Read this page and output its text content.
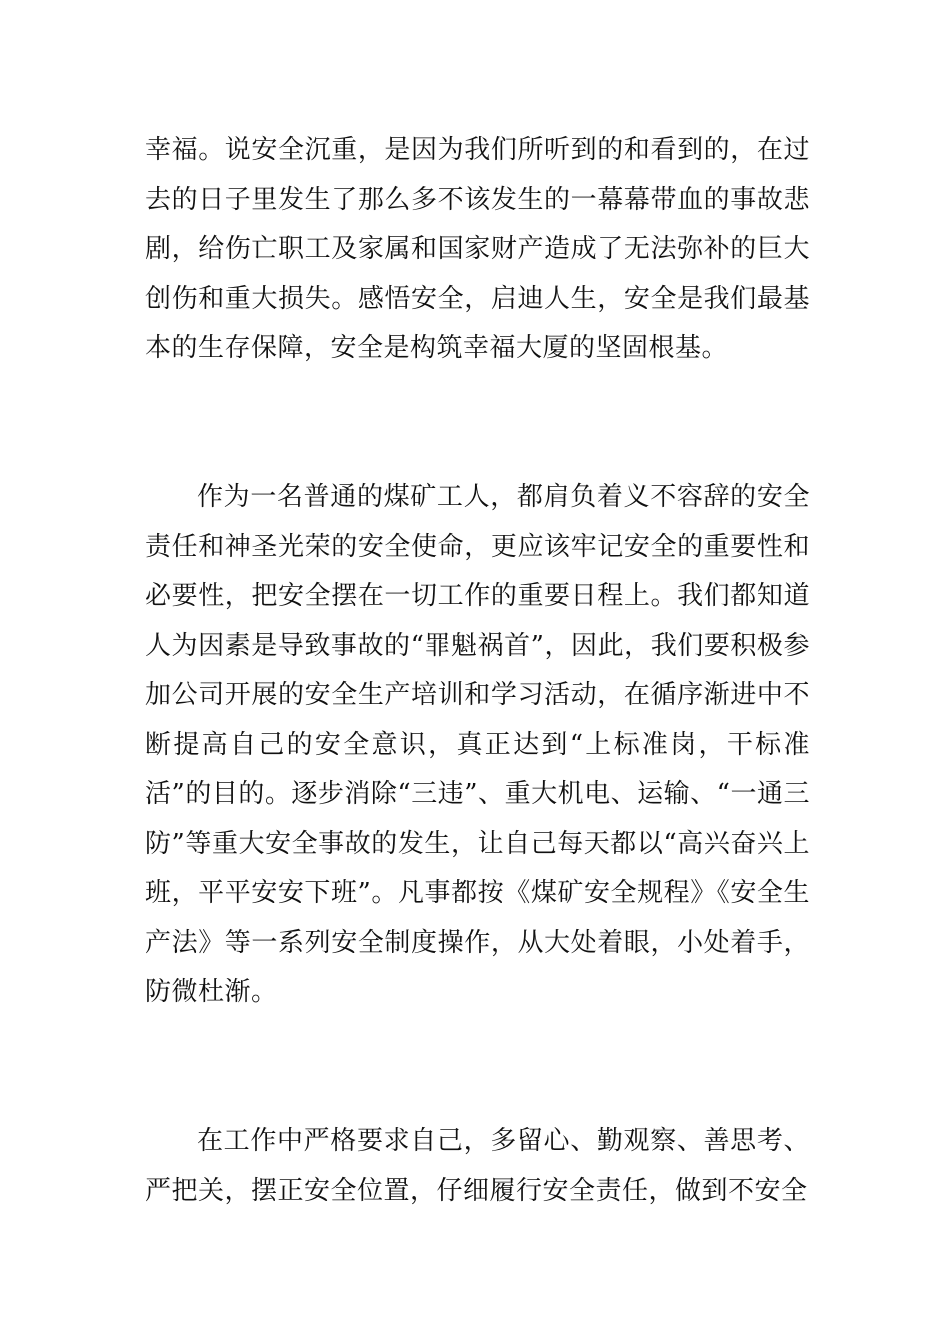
幸福。说安全沉重，是因为我们所听到的和看到的，在过去的日子里发生了那么多不该发生的一幕幕带血的事故悲剧，给伤亡职工及家属和国家财产造成了无法弥补的巨大创伤和重大损失。感悟安全，启迪人生，安全是我们最基本的生存保障，安全是构筑幸福大厦的坚固根基。

作为一名普通的煤矿工人，都肩负着义不容辞的安全责任和神圣光荣的安全使命，更应该牢记安全的重要性和必要性，把安全摆在一切工作的重要日程上。我们都知道人为因素是导致事故的“罪魁祸首”，因此，我们要积极参加公司开展的安全生产培训和学习活动，在循序渐进中不断提高自己的安全意识，真正达到“上标准岗，干标准活”的目的。逐步消除“三违”、重大机电、运输、“一通三防”等重大安全事故的发生，让自己每天都以“高兴奋兴上班，平平安安下班”。凡事都按《煤矿安全规程》《安全生产法》等一系列安全制度操作，从大处着眼，小处着手，防微杜渐。

在工作中严格要求自己，多留心、勤观察、善思考、严把关，摆正安全位置，仔细履行安全责任，做到不安全
